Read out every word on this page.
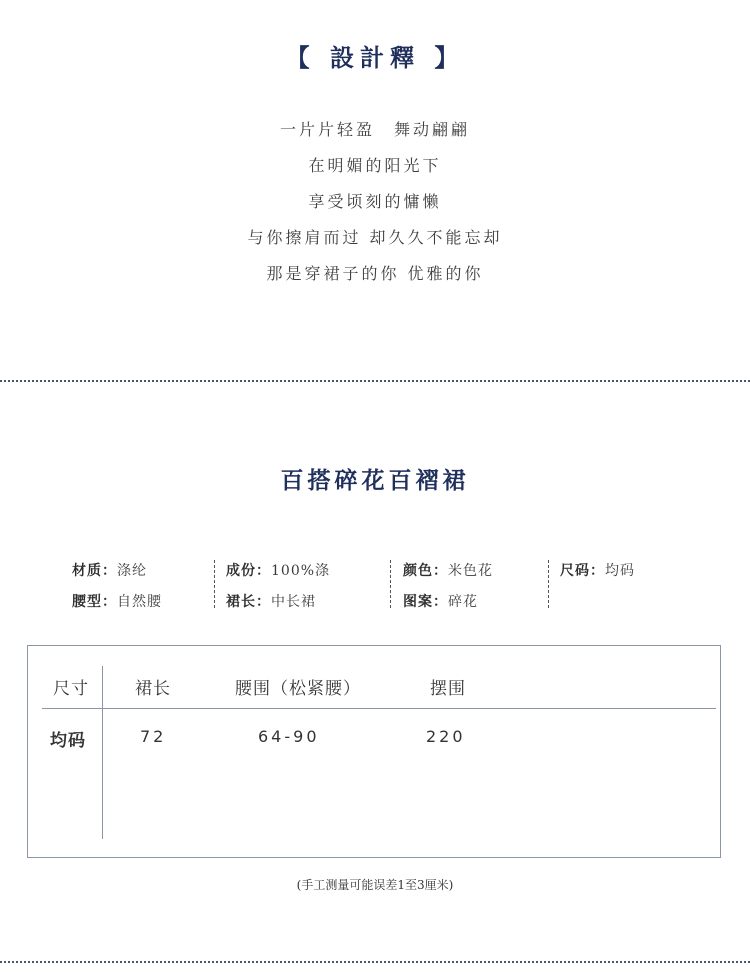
【 設計釋 】
一片片轻盈　舞动翩翩
在明媚的阳光下
享受顷刻的慵懒
与你擦肩而过 却久久不能忘却
那是穿裙子的你 优雅的你
百搭碎花百褶裙
材质：涤纶	成份：100%涤	颜色：米色花	尺码：均码
腰型：自然腰	裙长：中长裙	图案：碎花
尺寸	裙长	腰围（松紧腰）	摆围
均码	72	64-90	220
(手工测量可能误差1至3厘米)
